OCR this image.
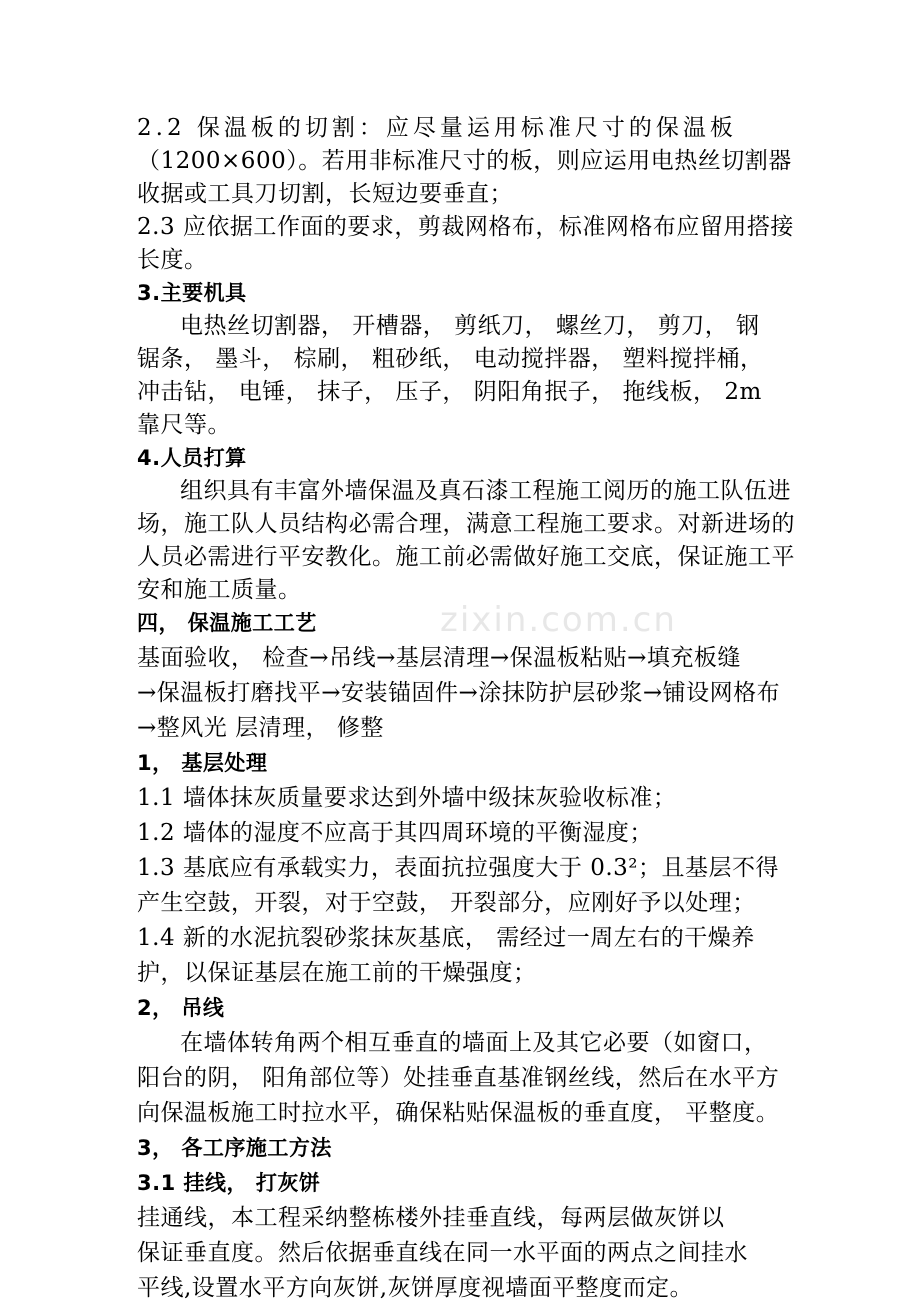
zixin.com.cn
2.2 保温板的切割：应尽量运用标准尺寸的保温板
（1200×600）。若用非标准尺寸的板，则应运用电热丝切割器
收据或工具刀切割，长短边要垂直；
2.3 应依据工作面的要求，剪裁网格布，标准网格布应留用搭接
长度。
3.主要机具
电热丝切割器， 开槽器， 剪纸刀， 螺丝刀， 剪刀， 钢
锯条， 墨斗， 棕刷， 粗砂纸， 电动搅拌器， 塑料搅拌桶，
冲击钻， 电锤， 抹子， 压子， 阴阳角抿子， 拖线板， 2m
靠尺等。
4.人员打算
组织具有丰富外墙保温及真石漆工程施工阅历的施工队伍进
场，施工队人员结构必需合理，满意工程施工要求。对新进场的
人员必需进行平安教化。施工前必需做好施工交底，保证施工平
安和施工质量。
四， 保温施工工艺
基面验收， 检查→吊线→基层清理→保温板粘贴→填充板缝
→保温板打磨找平→安装锚固件→涂抹防护层砂浆→铺设网格布
→整风光 层清理， 修整
1， 基层处理
1.1 墙体抹灰质量要求达到外墙中级抹灰验收标准；
1.2 墙体的湿度不应高于其四周环境的平衡湿度；
1.3 基底应有承载实力，表面抗拉强度大于 0.3²；且基层不得
产生空鼓，开裂，对于空鼓， 开裂部分，应刚好予以处理；
1.4 新的水泥抗裂砂浆抹灰基底， 需经过一周左右的干燥养
护，以保证基层在施工前的干燥强度；
2， 吊线
在墙体转角两个相互垂直的墙面上及其它必要（如窗口，
阳台的阴， 阳角部位等）处挂垂直基准钢丝线，然后在水平方
向保温板施工时拉水平，确保粘贴保温板的垂直度， 平整度。
3， 各工序施工方法
3.1 挂线， 打灰饼
挂通线，本工程采纳整栋楼外挂垂直线，每两层做灰饼以
保证垂直度。然后依据垂直线在同一水平面的两点之间挂水
平线,设置水平方向灰饼,灰饼厚度视墙面平整度而定。
